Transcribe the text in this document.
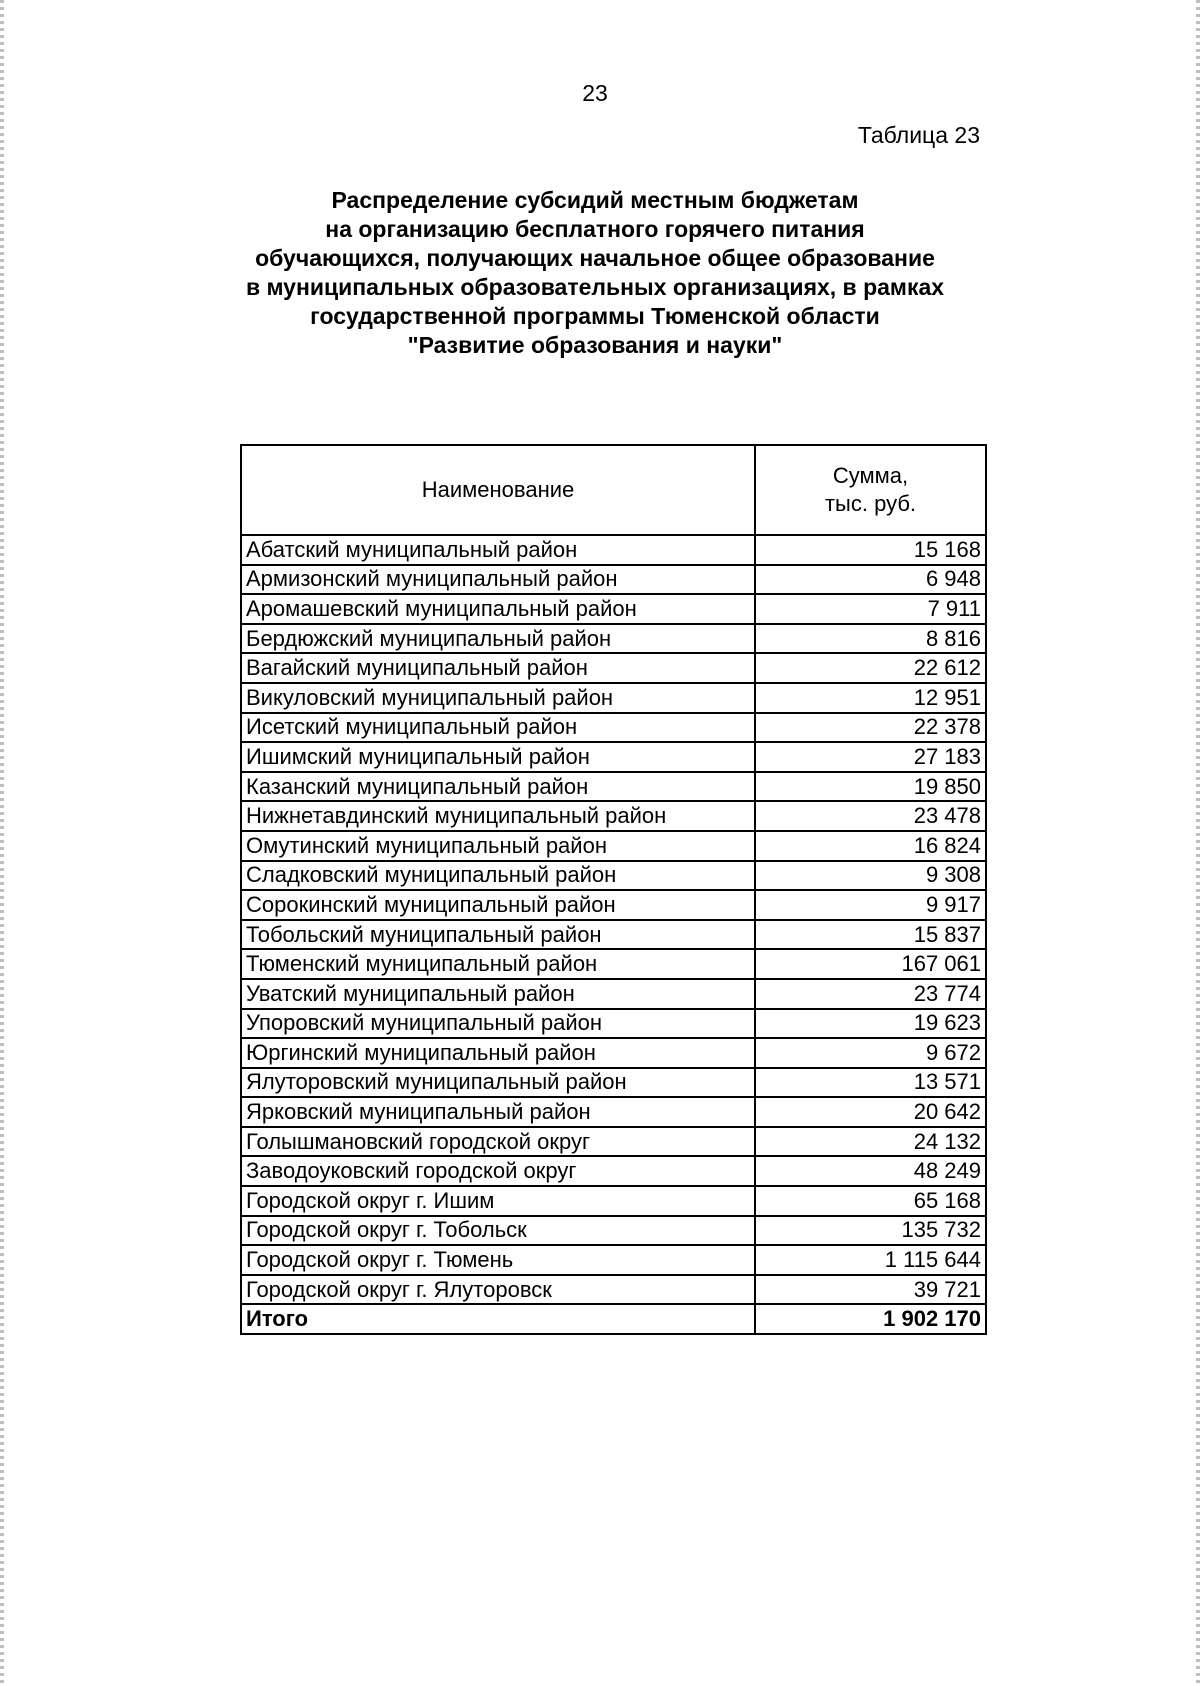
23
Таблица 23
Распределение субсидий местным бюджетам
на организацию бесплатного горячего питания
обучающихся, получающих начальное общее образование
в муниципальных образовательных организациях, в рамках
государственной программы Тюменской области
"Развитие образования и науки"
Наименование	Сумма,
тыс. руб.

Абатский муниципальный район	15 168
Армизонский муниципальный район	6 948
Аромашевский муниципальный район	7 911
Бердюжский муниципальный район	8 816
Вагайский муниципальный район	22 612
Викуловский муниципальный район	12 951
Исетский муниципальный район	22 378
Ишимский муниципальный район	27 183
Казанский муниципальный район	19 850
Нижнетавдинский муниципальный район	23 478
Омутинский муниципальный район	16 824
Сладковский муниципальный район	9 308
Сорокинский муниципальный район	9 917
Тобольский муниципальный район	15 837
Тюменский муниципальный район	167 061
Уватский муниципальный район	23 774
Упоровский муниципальный район	19 623
Юргинский муниципальный район	9 672
Ялуторовский муниципальный район	13 571
Ярковский муниципальный район	20 642
Голышмановский городской округ	24 132
Заводоуковский городской округ	48 249
Городской округ г. Ишим	65 168
Городской округ г. Тобольск	135 732
Городской округ г. Тюмень	1 115 644
Городской округ г. Ялуторовск	39 721
Итого	1 902 170
